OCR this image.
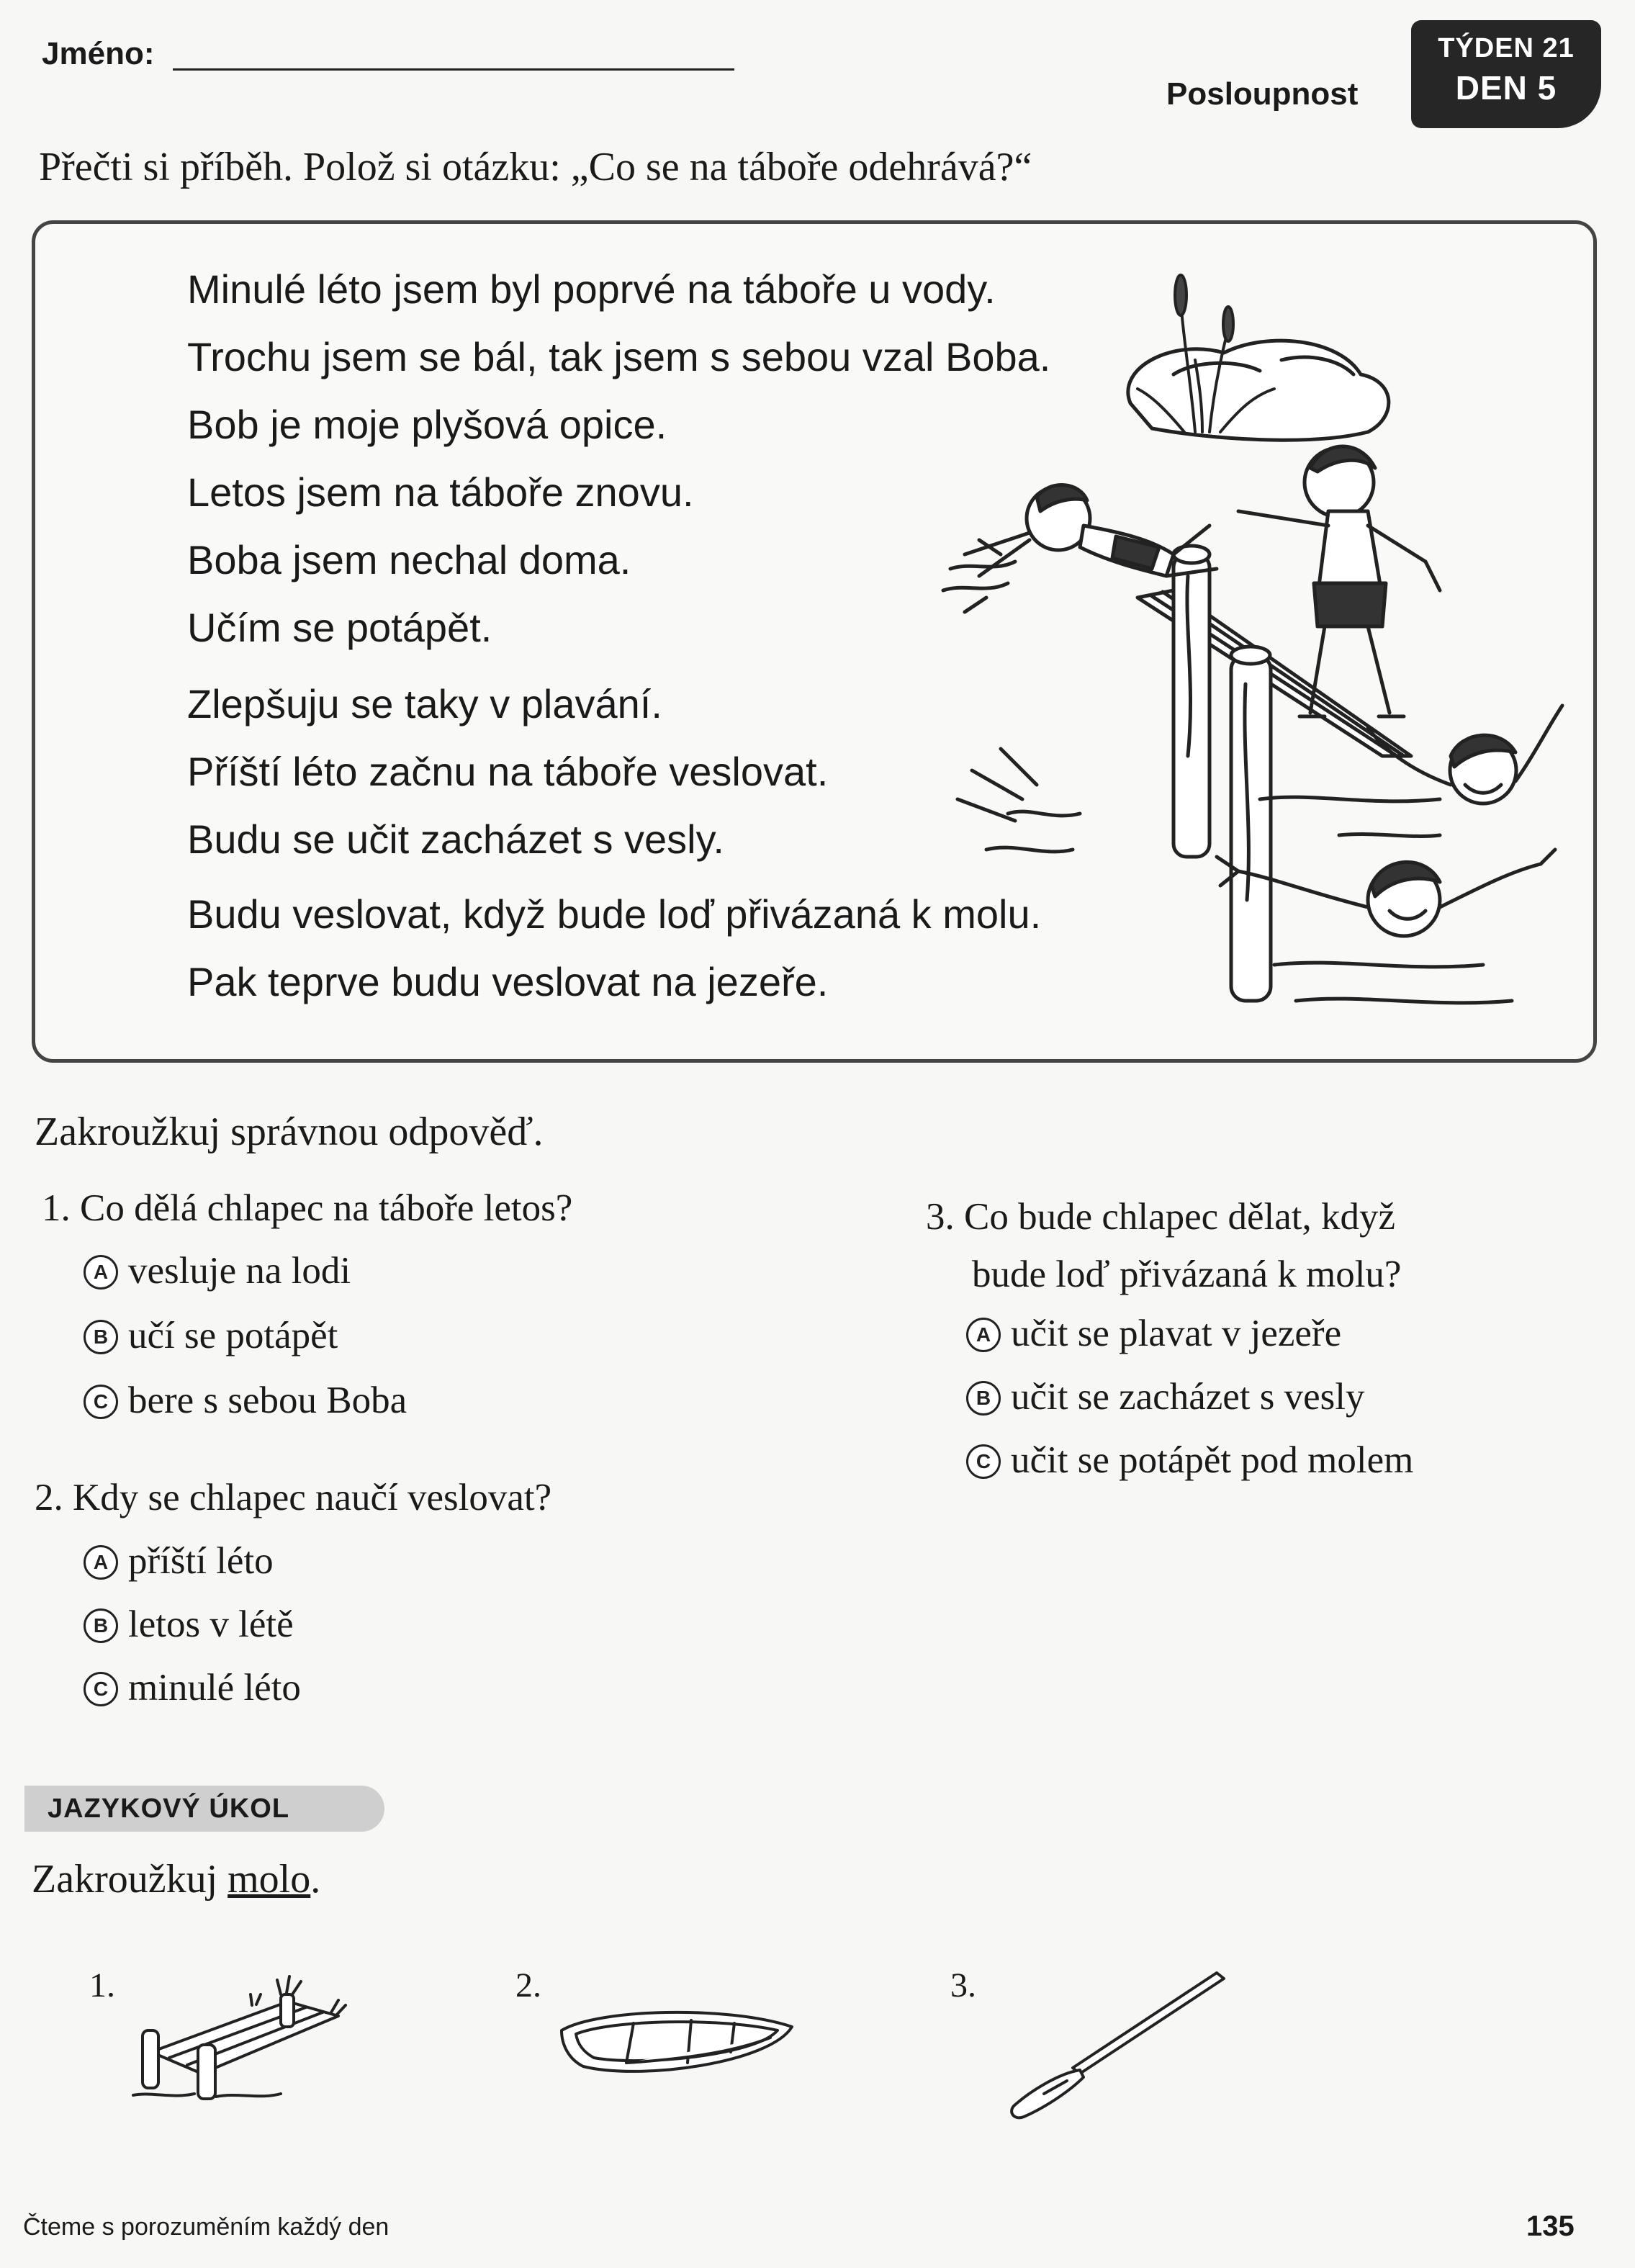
Jméno:
Posloupnost
TÝDEN 21
DEN 5
Přečti si příběh. Polož si otázku: „Co se na táboře odehrává?“
Minulé léto jsem byl poprvé na táboře u vody.
Trochu jsem se bál, tak jsem s sebou vzal Boba.
Bob je moje plyšová opice.
Letos jsem na táboře znovu.
Boba jsem nechal doma.
Učím se potápět.
Zlepšuju se taky v plavání.
Příští léto začnu na táboře veslovat.
Budu se učit zacházet s vesly.
Budu veslovat, když bude loď přivázaná k molu.
Pak teprve budu veslovat na jezeře.
Zakroužkuj správnou odpověď.
1. Co dělá chlapec na táboře letos?
A vesluje na lodi
B učí se potápět
C bere s sebou Boba
2. Kdy se chlapec naučí veslovat?
A příští léto
B letos v létě
C minulé léto
3. Co bude chlapec dělat, když
bude loď přivázaná k molu?
A učit se plavat v jezeře
B učit se zacházet s vesly
C učit se potápět pod molem
JAZYKOVÝ ÚKOL
Zakroužkuj molo.
1.	2.	3.
Čteme s porozuměním každý den	135
